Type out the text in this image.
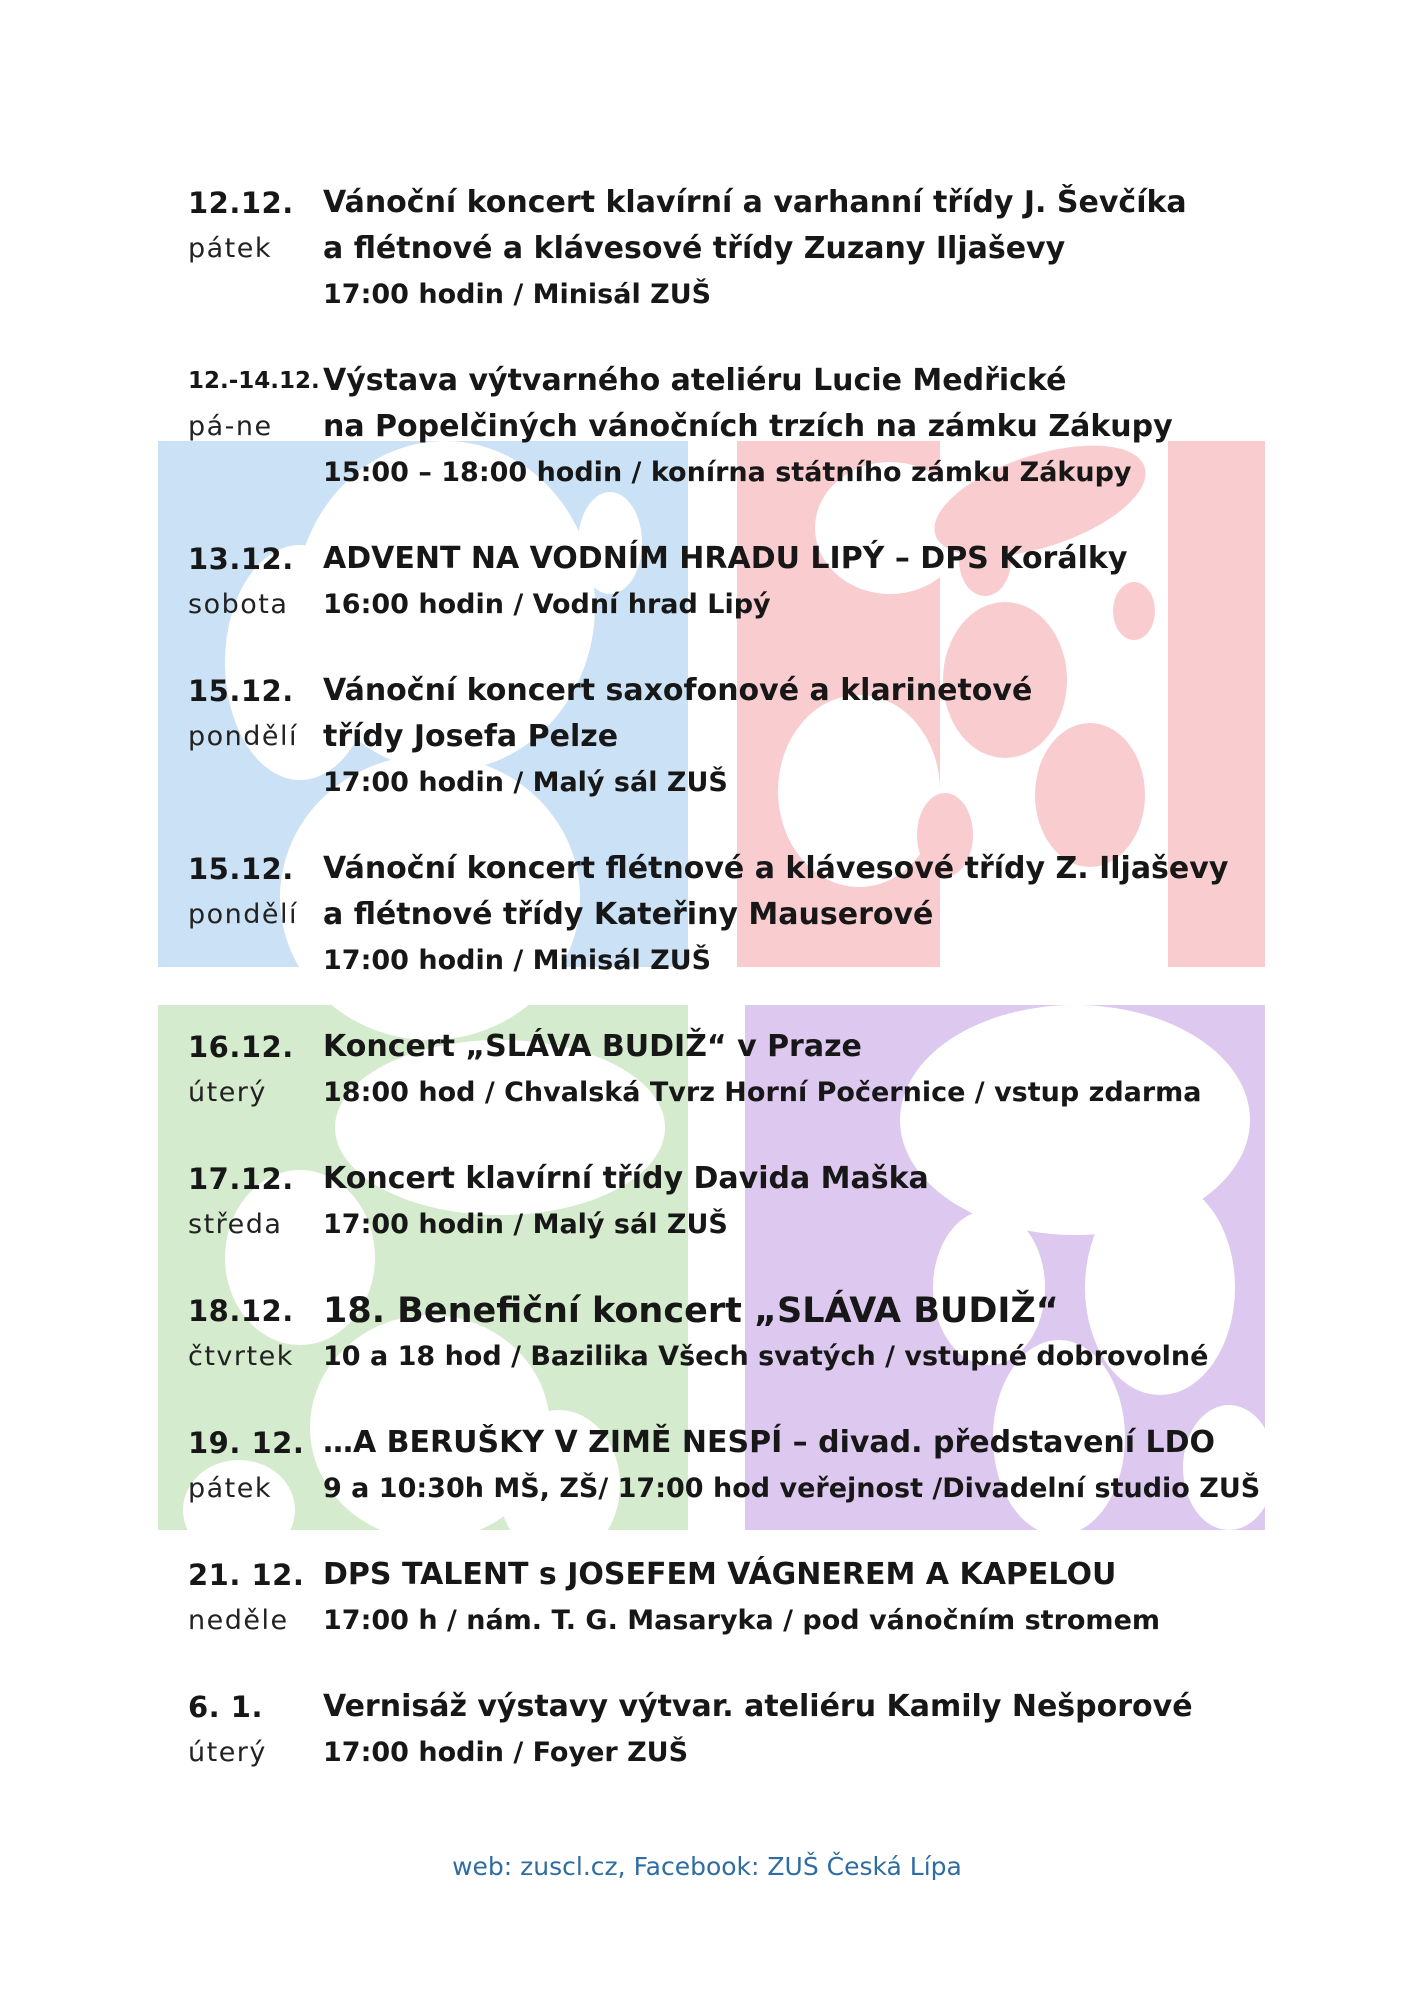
12.12.
pátek
Vánoční koncert klavírní a varhanní třídy J. Ševčíka
a flétnové a klávesové třídy Zuzany Iljaševy
17:00 hodin / Minisál ZUŠ
12.-14.12.
pá-ne
Výstava výtvarného ateliéru Lucie Medřické
na Popelčiných vánočních trzích na zámku Zákupy
15:00 – 18:00 hodin / konírna státního zámku Zákupy
13.12.
sobota
ADVENT NA VODNÍM HRADU LIPÝ – DPS Korálky
16:00 hodin / Vodní hrad Lipý
15.12.
pondělí
Vánoční koncert saxofonové a klarinetové
třídy Josefa Pelze
17:00 hodin / Malý sál ZUŠ
15.12.
pondělí
Vánoční koncert flétnové a klávesové třídy Z. Iljaševy
a flétnové třídy Kateřiny Mauserové
17:00 hodin / Minisál ZUŠ
16.12.
úterý
Koncert „SLÁVA BUDIŽ“ v Praze
18:00 hod / Chvalská Tvrz Horní Počernice / vstup zdarma
17.12.
středa
Koncert klavírní třídy Davida Maška
17:00 hodin / Malý sál ZUŠ
18.12.
čtvrtek
18. Benefiční koncert „SLÁVA BUDIŽ“
10 a 18 hod / Bazilika Všech svatých / vstupné dobrovolné
19. 12.
pátek
…A BERUŠKY V ZIMĚ NESPÍ – divad. představení LDO
9 a 10:30h MŠ, ZŠ/ 17:00 hod veřejnost /Divadelní studio ZUŠ
21. 12.
neděle
DPS TALENT s JOSEFEM VÁGNEREM A KAPELOU
17:00 h / nám. T. G. Masaryka / pod vánočním stromem
6. 1.
úterý
Vernisáž výstavy výtvar. ateliéru Kamily Nešporové
17:00 hodin / Foyer ZUŠ
web: zuscl.cz, Facebook: ZUŠ Česká Lípa
